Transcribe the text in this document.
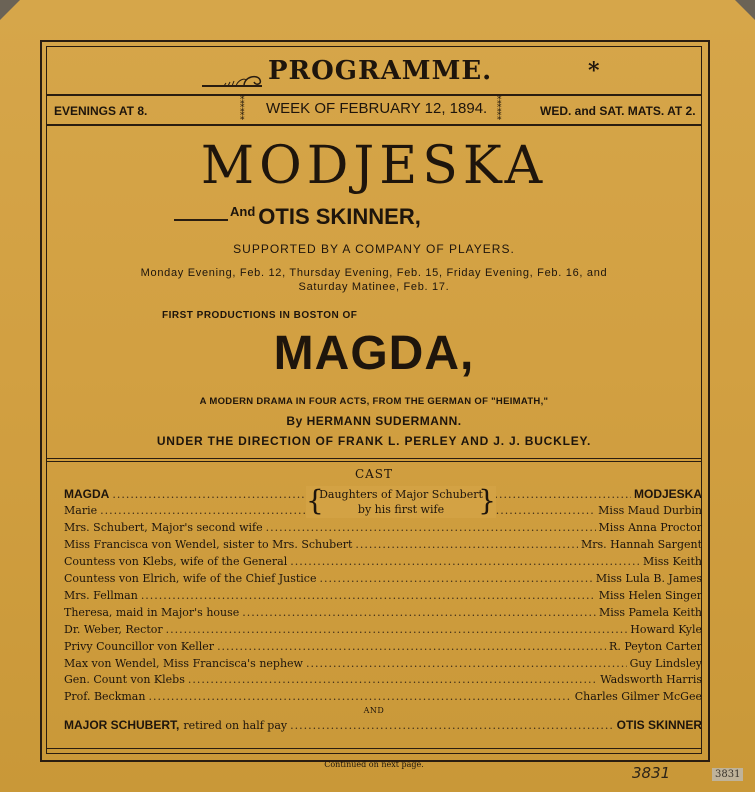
PROGRAMME.	*
EVENINGS AT 8.
⁑
⁑
⁑
WEEK OF FEBRUARY 12, 1894. ⁑
⁑
⁑	WED. and SAT. MATS. AT 2.
MODJESKA
$^{And}$ OTIS SKINNER,
SUPPORTED BY A COMPANY OF PLAYERS.
Monday Evening, Feb. 12, Thursday Evening, Feb. 15, Friday Evening, Feb. 16, and
Saturday Matinee, Feb. 17.
FIRST PRODUCTIONS IN BOSTON OF
MAGDA,
A MODERN DRAMA IN FOUR ACTS, FROM THE GERMAN OF "HEIMATH,"
By HERMANN SUDERMANN.
UNDER THE DIRECTION OF FRANK L. PERLEY AND J. J. BUCKLEY.
CAST
MAGDA .....	MODJESKA
Marie .....	Miss Maud Durbin
Mrs. Schubert, Major's second wife .....	Miss Anna Proctor
Miss Francisca von Wendel, sister to Mrs. Schubert .....	Mrs. Hannah Sargent
Countess von Klebs, wife of the General .....	Miss Keith
Countess von Elrich, wife of the Chief Justice .....	Miss Lula B. James
Mrs. Fellman .....	Miss Helen Singer
Theresa, maid in Major's house .....	Miss Pamela Keith
Dr. Weber, Rector .....	Howard Kyle
Privy Councillor von Keller .....	R. Peyton Carter
Max von Wendel, Miss Francisca's nephew .....	Guy Lindsley
Gen. Count von Klebs .....	Wadsworth Harris
Prof. Beckman .....	Charles Gilmer McGee
{
Daughters of Major Schubert
by his first wife	}
AND
MAJOR SCHUBERT, retired on half pay .....	OTIS SKINNER
Continued on next page.	3831	3831
